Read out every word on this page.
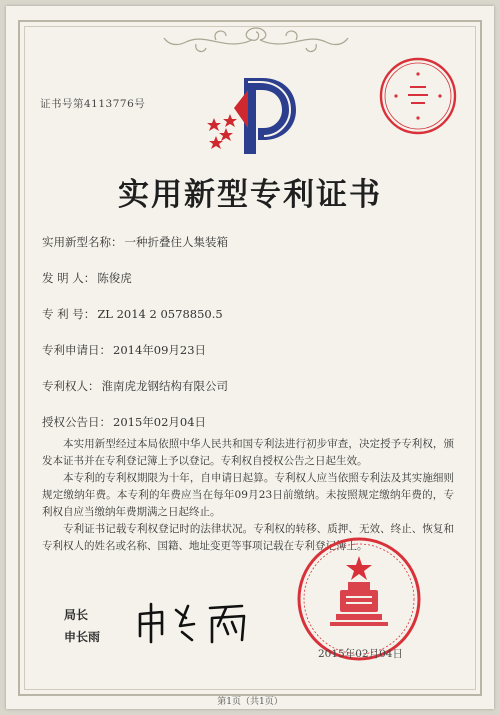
证书号第4113776号
实用新型专利证书
实用新型名称： 一种折叠住人集装箱
发 明 人： 陈俊虎
专 利 号： ZL 2014 2 0578850.5
专利申请日： 2014年09月23日
专利权人： 淮南虎龙钢结构有限公司
授权公告日： 2015年02月04日

本实用新型经过本局依照中华人民共和国专利法进行初步审查，决定授予专利权，颁发本证书并在专利登记簿上予以登记。专利权自授权公告之日起生效。

本专利的专利权期限为十年，自申请日起算。专利权人应当依照专利法及其实施细则规定缴纳年费。本专利的年费应当在每年09月23日前缴纳。未按照规定缴纳年费的，专利权自应当缴纳年费期满之日起终止。

专利证书记载专利权登记时的法律状况。专利权的转移、质押、无效、终止、恢复和专利权人的姓名或名称、国籍、地址变更等事项记载在专利登记簿上。

局长
申长雨
2015年02月04日
第1页（共1页）
